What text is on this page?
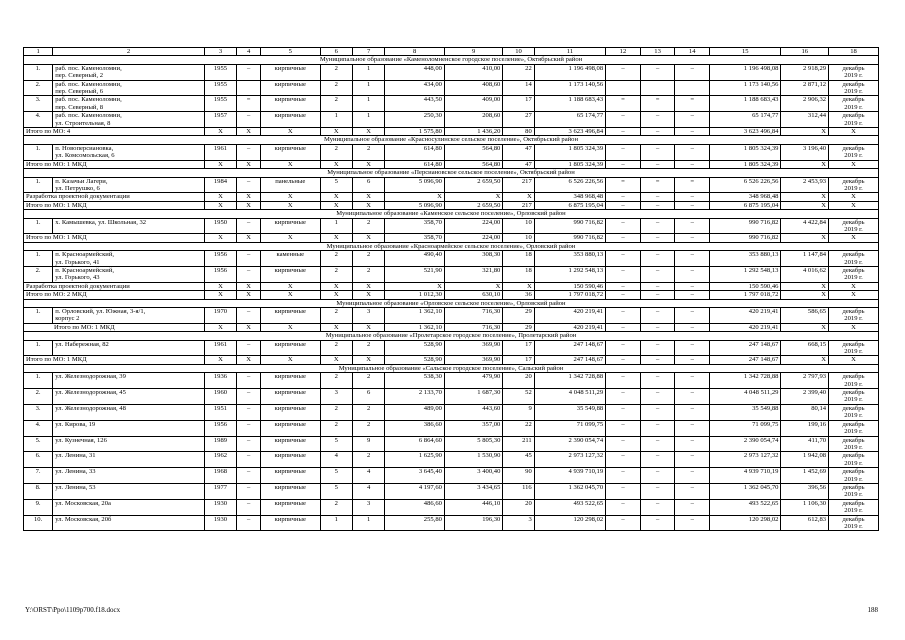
1	2	3	4	5	6	7	8	9	10	11	12	13	14	15	16	18
Муниципальное образование «Каменоломненское городское поселение», Октябрьский район																
1.	раб. пос. Каменоломни,
пер. Северный, 2	1955	–	кирпичные	2	1	448,00	410,00	22	1 196 498,08	–	–	–	1 196 498,08	2 918,29	декабрь
2019 г.
2.	раб. пос. Каменоломни,
пер. Северный, 6	1955		кирпичные	2	1	434,00	408,60	14	1 173 140,56				1 173 140,56	2 871,12	декабрь
2019 г.
3.	раб. пос. Каменоломни,
пер. Северный, 8	1955	=	кирпичные	2	1	443,50	409,00	17	1 188 683,43	=	=	=	1 188 683,43	2 906,32	декабрь
2019 г.
4.	раб. пос. Каменоломни,
ул. Строительная, 8	1957	–	кирпичные	1	1	250,30	208,60	27	65 174,77	–	–	–	65 174,77	312,44	декабрь
2019 г.
Итого по МО: 4		X	X	X	X	X	1 575,80	1 436,20	80	3 623 496,84	–	–	–	3 623 496,84	X	X
Муниципальное образование «Красносулинское сельское поселение», Октябрьский район																
1.	п. Новоперсиановка,
ул. Комсомольская, 6	1961	–	кирпичные	2	2	614,80	564,80	47	1 805 324,39	–	–	–	1 805 324,39	3 196,40	декабрь
2019 г.
Итого по МО: 1 МКД		X	X	X	X	X	614,80	564,80	47	1 805 324,39	–	–	–	1 805 324,39	X	X
Муниципальное образование «Персиановское сельское поселение», Октябрьский район																
1.	п. Казачьи Лагери,
ул. Петрушко, 6	1984	–	панельные	5	6	5 096,90	2 659,50	217	6 526 226,56	=	=	=	6 526 226,56	2 453,93	декабрь
2019 г.
Разработка проектной документации		X	X	X	X	X	X	X	X	348 968,48	–	–	–	348 968,48	X	X
Итого по МО: 1 МКД		X	X	X	X	X	5 096,90	2 659,50	217	6 875 195,04	–	–	–	6 875 195,04	X	X
Муниципальное образование «Каменское сельское поселение», Орловский район																
1.	х. Камышевка, ул. Школьная, 32	1950	–	кирпичные	1	2	358,70	224,00	10	990 716,82	–	–	–	990 716,82	4 422,84	декабрь
2019 г.
Итого по МО: 1 МКД		X	X	X	X	X	358,70	224,00	10	990 716,82	–	–	–	990 716,82	X	X
Муниципальное образование «Красноармейское сельское поселение», Орловский район																
1.	п. Красноармейский,
ул. Горького, 41	1956	–	каменные	2	2	490,40	308,30	18	353 880,13	–	–	–	353 880,13	1 147,84	декабрь
2019 г.
2.	п. Красноармейский,
ул. Горького, 43	1956	–	кирпичные	2	2	521,90	321,80	18	1 292 548,13	–	–	–	1 292 548,13	4 016,62	декабрь
2019 г.
Разработка проектной документации		X	X	X	X	X	X	X	X	150 590,46	–	–	–	150 590,46	X	X
Итого по МО: 2 МКД		X	X	X	X	X	1 012,30	630,10	36	1 797 018,72	–	–	–	1 797 018,72	X	X
Муниципальное образование «Орловское сельское поселение», Орловский район																
1.	п. Орловский, ул. Южная, 3-я/1,
корпус 2	1970	–	кирпичные	2	3	1 362,10	716,30	29	420 219,41	–	–	–	420 219,41	586,65	декабрь
2019 г.
Итого по МО: 1 МКД		X	X	X	X	X	1 362,10	716,30	29	420 219,41	–	–	–	420 219,41	X	X
Муниципальное образование «Пролетарское городское поселение», Пролетарский район																
1.	ул. Набережная, 82	1961	–	кирпичные	2	2	528,90	369,90	17	247 148,67	–	–	–	247 148,67	668,15	декабрь
2019 г.
Итого по МО: 1 МКД		X	X	X	X	X	528,90	369,90	17	247 148,67	–	–	–	247 148,67	X	X
Муниципальное образование «Сальское городское поселение», Сальский район																
1.	ул. Железнодорожная, 39	1936	–	кирпичные	2	2	538,30	479,90	20	1 342 728,88	–	–	–	1 342 728,88	2 797,93	декабрь
2019 г.
2.	ул. Железнодорожная, 45	1960	–	кирпичные	3	6	2 133,70	1 687,30	52	4 048 511,29	–	–	–	4 048 511,29	2 399,40	декабрь
2019 г.
3.	ул. Железнодорожная, 48	1951	–	кирпичные	2	2	489,00	443,60	9	35 549,88	–	–	–	35 549,88	80,14	декабрь
2019 г.
4.	ул. Кирова, 19	1956	–	кирпичные	2	2	386,60	357,00	22	71 099,75	–	–	–	71 099,75	199,16	декабрь
2019 г.
5.	ул. Кузнечная, 126	1989	–	кирпичные	5	9	6 864,60	5 805,30	211	2 390 054,74	–	–	–	2 390 054,74	411,70	декабрь
2019 г.
6.	ул. Ленина, 31	1962	–	кирпичные	4	2	1 625,90	1 530,90	45	2 973 127,32	–	–	–	2 973 127,32	1 942,08	декабрь
2019 г.
7.	ул. Ленина, 33	1968	–	кирпичные	5	4	3 645,40	3 400,40	90	4 939 710,19	–	–	–	4 939 710,19	1 452,69	декабрь
2019 г.
8.	ул. Ленина, 53	1977	–	кирпичные	5	4	4 197,60	3 434,65	116	1 362 045,70	–	–	–	1 362 045,70	396,56	декабрь
2019 г.
9.	ул. Московская, 20а	1930	–	кирпичные	2	3	486,60	446,10	20	493 522,65	–	–	–	493 522,65	1 106,30	декабрь
2019 г.
10.	ул. Московская, 20б	1930	–	кирпичные	1	1	255,80	196,30	3	120 298,02	–	–	–	120 298,02	612,83	декабрь
2019 г.
Y:\ORST\Ppo\1109p700.f18.docx	188
